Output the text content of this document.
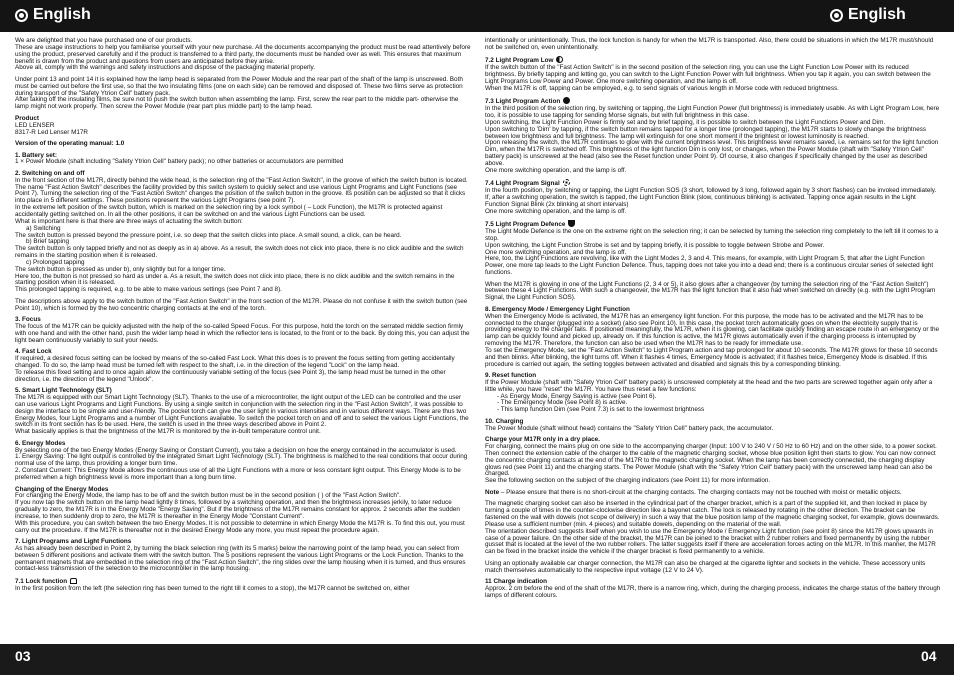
English	English

We are delighted that you have purchased one of our products.
These are usage instructions to help you familiarise yourself with your new purchase. All the documents accompanying the product must be read attentively before using the product, preserved carefully and if the product is transferred to a third party, the documents must be handed over as well. This ensures that maximum benefit is drawn from the product and questions from users are anticipated before they arise.
Above all, comply with the warnings and safety instructions and dispose of the packaging material properly.

Under point 13 and point 14 it is explained how the lamp head is separated from the Power Module and the rear part of the shaft of the lamp is unscrewed. Both must be carried out before the first use, so that the two insulating films (one on each side) can be removed and disposed of. These two films serve as protection during transport of the "Safety Ytrion Cell" battery pack.
After taking off the insulating films, be sure not to push the switch button when assembling the lamp. First, screw the rear part to the middle part- otherwise the lamp might not work properly. Then screw the Power Module (rear part plus middle part) to the lamp head.

Product

LED LENSER
8317-R Led Lenser M17R

Version of the operating manual: 1.0

1. Battery set:

1 × Power Module (shaft including "Safety Ytrion Cell" battery pack); no other batteries or accumulators are permitted

2. Switching on and off

In the front section of the M17R, directly behind the wide head, is the selection ring of the "Fast Action Switch", in the groove of which the switch button is located. The name "Fast Action Switch" describes the facility provided by this switch system to quickly select and use various Light Programs and Light Functions (see Point 7). Turning the selection ring of the "Fast Action Switch" changes the position of the switch button in the groove. Its position can be adjusted so that it clicks into place in 5 different settings. These positions represent the various Light Programs (see point 7).
In the extreme left position of the switch button, which is marked on the selection ring by a lock symbol ( – Lock Function), the M17R is protected against accidentally getting switched on. In all the other positions, it can be switched on and the various Light Functions can be used.
What is important here is that there are three ways of actuating the switch button:

a) Switching

The switch button is pressed beyond the pressure point, i.e. so deep that the switch clicks into place. A small sound, a click, can be heard.

b) Brief tapping

The switch button is only tapped briefly and not as deeply as in a) above. As a result, the switch does not click into place, there is no click audible and the switch remains in the starting position when it is released.

c) Prolonged tapping

The switch button is pressed as under b), only slightly but for a longer time.
Here too, the button is not pressed so hard as under a. As a result, the switch does not click into place, there is no click audible and the switch remains in the starting position when it is released.
This prolonged tapping is required, e.g. to be able to make various settings (see Point 7 and 8).

The descriptions above apply to the switch button of the "Fast Action Switch" in the front section of the M17R. Please do not confuse it with the switch button (see Point 10), which is formed by the two concentric charging contacts at the end of the torch.

3. Focus

The focus of the M17R can be quickly adjusted with the help of the so-called Speed Focus. For this purpose, hold the torch on the serrated middle section firmly with one hand and with the other hand, push the wider lamp head in which the reflector lens is located, to the front or to the back. By doing this, you can adjust the light beam continuously variably to suit your needs.

4. Fast Lock

If required, a desired focus setting can be locked by means of the so-called Fast Lock. What this does is to prevent the focus setting from getting accidentally changed. To do so, the lamp head must be turned left with respect to the shaft, i.e. in the direction of the legend "Lock" on the lamp head.
To release this fixed setting and to once again allow the continuously variable setting of the focus (see Point 3), the lamp head must be turned in the other direction, i.e. the direction of the legend "Unlock".

5. Smart Light Technology (SLT)

The M17R is equipped with our Smart Light Technology (SLT). Thanks to the use of a microcontroller, the light output of the LED can be controlled and the user can use various Light Programs and Light Functions. By using a single switch in conjunction with the selection ring in the "Fast Action Switch", it was possible to design the interface to be simple and user-friendly. The pocket torch can give the user light in various intensities and in various different ways. There are thus two Energy Modes, four Light Programs and a number of Light Functions available. To switch the pocket torch on and off and to select the various Light Functions, the switch in its front section has to be used. Here, the switch is used in the three ways described above in Point 2.
What basically applies is that the brightness of the M17R is monitored by the in-built temperature control unit.

6. Energy Modes

By selecting one of the two Energy Modes (Energy Saving or Constant Current), you take a decision on how the energy contained in the accumulator is used.
1. Energy Saving: The light output is controlled by the integrated Smart Light Technology (SLT). The brightness is matched to the real conditions that occur during normal use of the lamp, thus providing a longer burn time.
2. Constant Current: This Energy Mode allows the continuous use of all the Light Functions with a more or less constant light output. This Energy Mode is to be preferred when a high brightness level is more important than a long burn time.

Changing of the Energy Modes

For changing the Energy Mode, the lamp has to be off and the switch button must be in the second position ( ) of the "Fast Action Switch".
If you now tap the switch button on the lamp head lightly 8 times, followed by a switching operation, and then the brightness increases jerkily, to later reduce gradually to zero, the M17R is in the Energy Mode "Energy Saving". But if the brightness of the M17R remains constant for approx. 2 seconds after the sudden increase, to then suddenly drop to zero, the M17R is thereafter in the Energy Mode "Constant Current".
With this procedure, you can switch between the two Energy Modes. It is not possible to determine in which Energy Mode the M17R is. To find this out, you must carry out the procedure. If the M17R is thereafter not in the desired Energy Mode any more, you must repeat the procedure again.

7. Light Programs and Light Functions

As has already been described in Point 2, by turning the black selection ring (with its 5 marks) below the narrowing point of the lamp head, you can select from between 5 different positions and activate them with the switch button. The 5 positions represent the various Light Programs or the Lock Function. Thanks to the permanent magnets that are embedded in the selection ring of the "Fast Action Switch", the ring slides over the lamp housing when it is turned, and thus ensures contact-less transmission of the selection to the microcontroller in the lamp housing.

7.1 Lock function

In the first position from the left (the selection ring has been turned to the right till it comes to a stop), the M17R cannot be switched on, either

intentionally or unintentionally. Thus, the lock function is handy for when the M17R is transported. Also, there could be situations in which the M17R must/should not be switched on, even unintentionally.

7.2 Light Program Low

If the switch button of the "Fast Action Switch" is in the second position of the selection ring, you can use the Light Function Low Power with its reduced brightness. By briefly tapping and letting go, you can switch to the Light Function Power with full brightness. When you tap it again, you can switch between the Light Programs Low Power and Power. One more switching operation, and the lamp is off.
When the M17R is off, tapping can be employed, e.g. to send signals of various length in Morse code with reduced brightness.

7.3 Light Program Action

In the third position of the selection ring, by switching or tapping, the Light Function Power (full brightness) is immediately usable. As with Light Program Low, here too, it is possible to use tapping for sending Morse signals, but with full brightness in this case.
Upon switching, the Light Function Power is firmly set and by brief tapping, it is possible to switch between the Light Functions Power and Dim.
Upon switching to 'Dim' by tapping, if the switch button remains tapped for a longer time (prolonged tapping), the M17R starts to slowly change the brightness between low brightness and full brightness. The lamp will extinguish for one short moment if the brightest or lowest luminosity is reached.
Upon releasing the switch, the M17R continues to glow with the current brightness level. This brightness level remains saved, i.e. remains set for the light function Dim, when the M17R is switched off. This brightness of the light function Dim is only lost, or changes, when the Power Module (shaft with "Safety Ytrion Cell" battery pack) is unscrewed at the head (also see the Reset function under Point 9). Of course, it also changes if specifically changed by the user as described above.
One more switching operation, and the lamp is off.

7.4 Light Program Signal

In the fourth position, by switching or tapping, the Light Function SOS (3 short, followed by 3 long, followed again by 3 short flashes) can be invoked immediately.
If, after a switching operation, the switch is tapped, the Light Function Blink (slow, continuous blinking) is activated. Tapping once again results in the Light Function Signal Blink (2x blinking at short intervals)
One more switching operation, and the lamp is off.

7.5 Light Program Defence

The Light Mode Defence is the one on the extreme right on the selection ring; it can be selected by turning the selection ring completely to the left till it comes to a stop.
Upon switching, the Light Function Strobe is set and by tapping briefly, it is possible to toggle between Strobe and Power.
One more switching operation, and the lamp is off.
Here, too, the Light Functions are revolving, like with the Light Modes 2, 3 and 4. This means, for example, with Light Program 5, that after the Light Function Power, one more tap leads to the Light Function Defence. Thus, tapping does not take you into a dead end; there is a continuous circular series of selected light functions.

When the M17R is glowing in one of the Light Functions (2, 3 4 or 5), it also glows after a changeover (by turning the selection ring of the "Fast Action Switch") between these 4 Light Functions. With such a changeover, the M17R has the light function that it also had when switched on directly (e.g. with the Light Program Signal, the Light Function SOS).

8. Emergency Mode / Emergency Light Function

When the Emergency Mode is activated, the M17R has an emergency light function. For this purpose, the mode has to be activated and the M17R has to be connected to the charger (plugged into a socket) (also see Point 10). In this case, the pocket torch automatically goes on when the electricity supply that is providing energy to the charger fails. If positioned meaningfully, the M17R, when it is glowing, can facilitate quickly finding an escape route in an emergency or the lamp can be quickly found and picked up, already on. If this function is active, the M17R glows automatically even if the charging process is interrupted by removing the M17R. Therefore, the function can also be used when the M17R has to be ready for immediate use.
To set the Emergency Mode, set the "Fast Action Switch" to Light Program action and tap prolonged for about 10 seconds. The M17R glows for these 10 seconds and then blinks. After blinking, the light turns off. When it flashes 4 times, Emergency Mode is activated; if it flashes twice, Emergency Mode is disabled. If this procedure is carried out again, the setting toggles between activated and disabled and signals this by a corresponding blinking.

9. Reset function

If the Power Module (shaft with "Safety Ytrion Cell" battery pack) is unscrewed completely at the head and the two parts are screwed together again only after a little while, you have "reset" the M17R. You have thus reset a few functions:

- As Energy Mode, Energy Saving is active (see Point 6).
- The Emergency Mode (see Point 8) is active.
- This lamp function Dim (see Point 7.3) is set to the lowermost brightness

10. Charging

The Power Module (shaft without head) contains the "Safety Ytrion Cell" battery pack, the accumulator.

Charge your M17R only in a dry place.

For charging, connect the mains plug on one side to the accompanying charger (Input: 100 V to 240 V / 50 Hz to 60 Hz) and on the other side, to a power socket. Then connect the extension cable of the charger to the cable of the magnetic charging socket, whose blue position light then starts to glow. You can now connect the concentric charging contacts at the end of the M17R to the magnetic charging socket. When the lamp has been correctly connected, the charging display glows red (see Point 11) and the charging starts. The Power Module (shaft with the "Safety Ytrion Cell" battery pack) with the unscrewed lamp head can also be charged.
See the following section on the subject of the charging indicators (see Point 11) for more information.

Note – Please ensure that there is no short-circuit at the charging contacts. The charging contacts may not be touched with moist or metallic objects.

The magnetic charging socket can also be inserted in the cylindrical part of the charger bracket, which is a part of the supplied kit, and then locked in place by turning a couple of times in the counter-clockwise direction like a bayonet catch. The lock is released by rotating in the other direction. The bracket can be fastened on the wall with dowels (not scope of delivery) in such a way that the blue position lamp of the magnetic charging socket, for example, glows downwards. Please use a sufficient number (min. 4 pieces) and suitable dowels, depending on the material of the wall.
The orientation described suggests itself when you wish to use the Emergency Mode / Emergency Light function (see point 8) since the M17R glows upwards in case of a power failure. On the other side of the bracket, the M17R can be joined to the bracket with 2 rubber rollers and fixed permanently by using the rubber gusset that is located at the level of the two rubber rollers. The latter suggests itself if there are acceleration forces acting on the M17R. In this manner, the M17R can be fixed in the bracket inside the vehicle if the charger bracket is fixed permanently to a vehicle.

Using an optionally available car charger connection, the M17R can also be charged at the cigarette lighter and sockets in the vehicle. These accessory units match themselves automatically to the respective input voltage (12 V to 24 V).

11 Charge indication

Approx. 2 cm before the end of the shaft of the M17R, there is a narrow ring, which, during the charging process, indicates the charge status of the battery through lamps of different colours.

03	04
